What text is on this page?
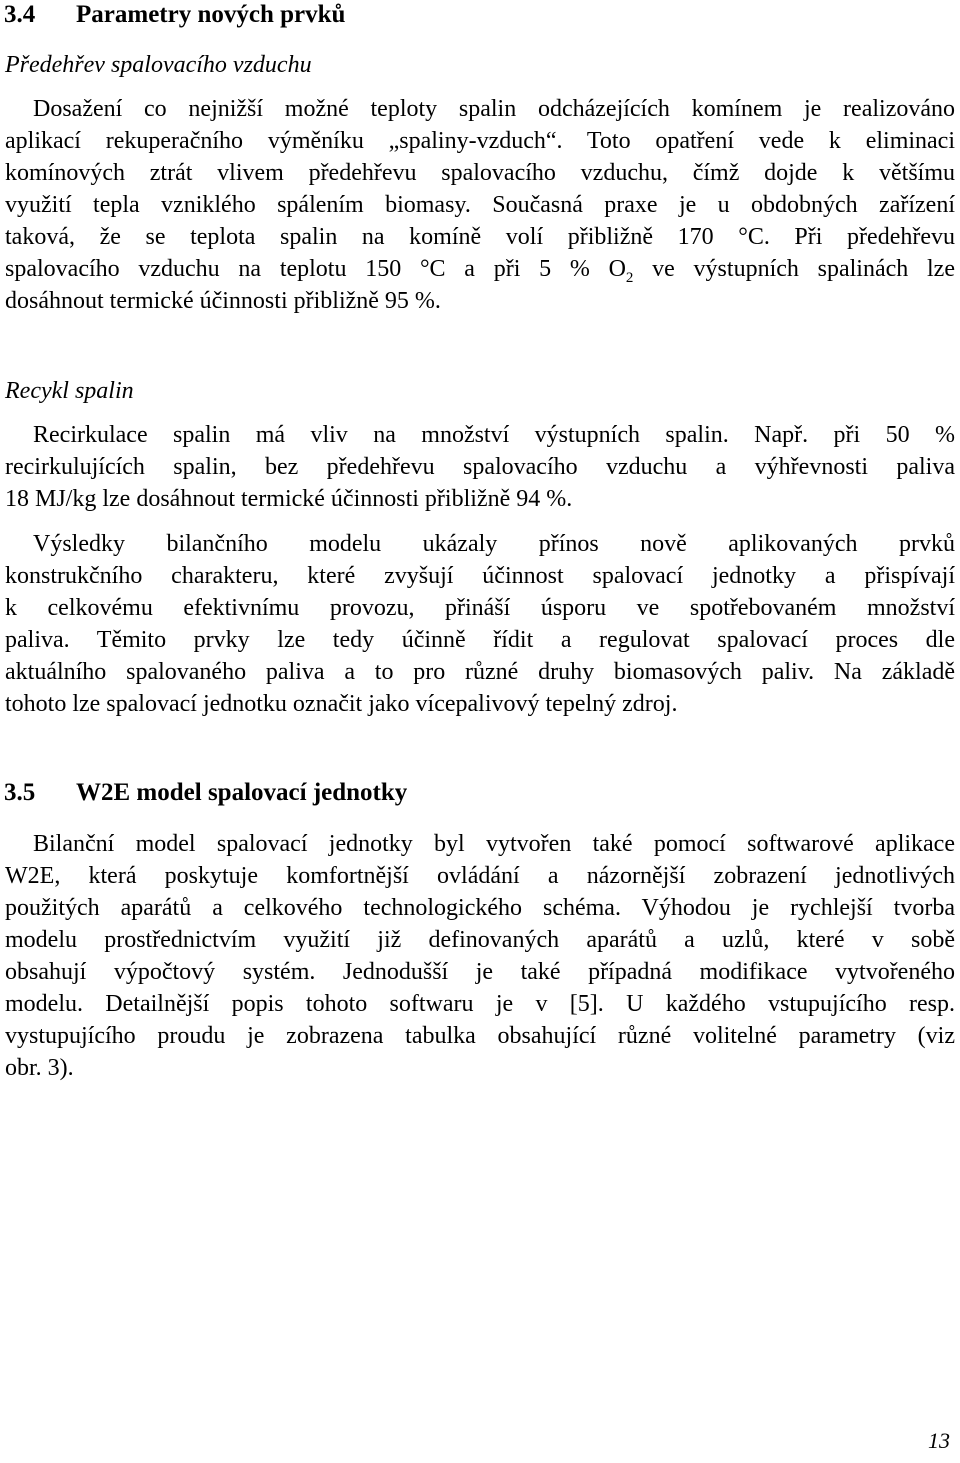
3.4 Parametry nových prvků
Předehřev spalovacího vzduchu
Dosažení co nejnižší možné teploty spalin odcházejících komínem je realizováno
aplikací rekuperačního výměníku „spaliny-vzduch“. Toto opatření vede k eliminaci
komínových ztrát vlivem předehřevu spalovacího vzduchu, čímž dojde k většímu
využití tepla vzniklého spálením biomasy. Současná praxe je u obdobných zařízení
taková, že se teplota spalin na komíně volí přibližně 170 °C. Při předehřevu
spalovacího vzduchu na teplotu 150 °C a při 5 % $O_2$ ve výstupních spalinách lze
dosáhnout termické účinnosti přibližně 95 %.
Recykl spalin
Recirkulace spalin má vliv na množství výstupních spalin. Např. při 50 %
recirkulujících spalin, bez předehřevu spalovacího vzduchu a výhřevnosti paliva
18 MJ/kg lze dosáhnout termické účinnosti přibližně 94 %.
Výsledky bilančního modelu ukázaly přínos nově aplikovaných prvků
konstrukčního charakteru, které zvyšují účinnost spalovací jednotky a přispívají
k celkovému efektivnímu provozu, přináší úsporu ve spotřebovaném množství
paliva. Těmito prvky lze tedy účinně řídit a regulovat spalovací proces dle
aktuálního spalovaného paliva a to pro různé druhy biomasových paliv. Na základě
tohoto lze spalovací jednotku označit jako vícepalivový tepelný zdroj.
3.5 W2E model spalovací jednotky
Bilanční model spalovací jednotky byl vytvořen také pomocí softwarové aplikace
W2E, která poskytuje komfortnější ovládání a názornější zobrazení jednotlivých
použitých aparátů a celkového technologického schéma. Výhodou je rychlejší tvorba
modelu prostřednictvím využití již definovaných aparátů a uzlů, které v sobě
obsahují výpočtový systém. Jednodušší je také případná modifikace vytvořeného
modelu. Detailnější popis tohoto softwaru je v [5]. U každého vstupujícího resp.
vystupujícího proudu je zobrazena tabulka obsahující různé volitelné parametry (viz
obr. 3).
13
